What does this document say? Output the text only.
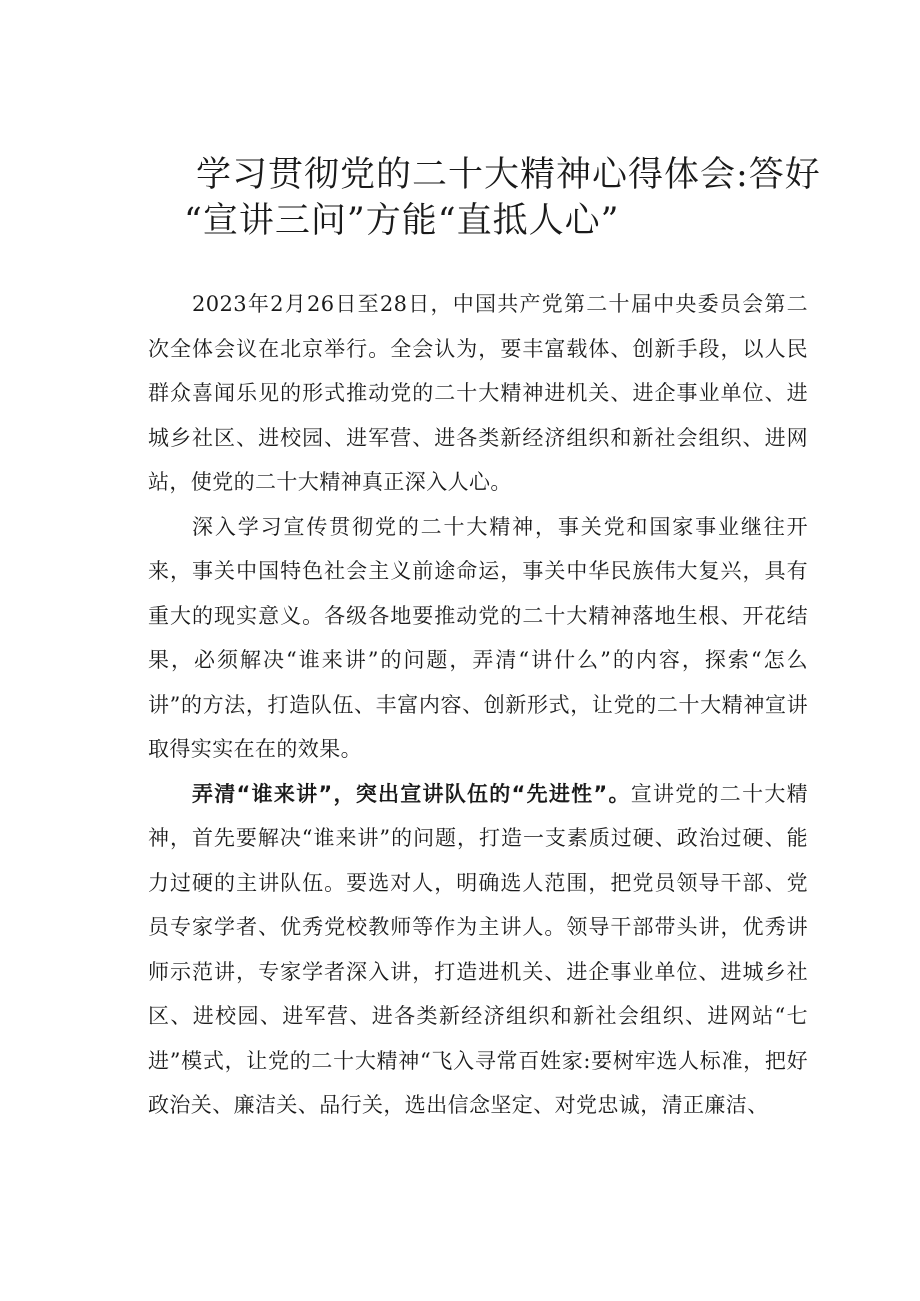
学习贯彻党的二十大精神心得体会:答好
“宣讲三问”方能“直抵人心”

2023年2月26日至28日，中国共产党第二十届中央委员会第二次全体会议在北京举行。全会认为，要丰富载体、创新手段，以人民群众喜闻乐见的形式推动党的二十大精神进机关、进企事业单位、进城乡社区、进校园、进军营、进各类新经济组织和新社会组织、进网站，使党的二十大精神真正深入人心。

深入学习宣传贯彻党的二十大精神，事关党和国家事业继往开来，事关中国特色社会主义前途命运，事关中华民族伟大复兴，具有重大的现实意义。各级各地要推动党的二十大精神落地生根、开花结果，必须解决“谁来讲”的问题，弄清“讲什么”的内容，探索“怎么讲”的方法，打造队伍、丰富内容、创新形式，让党的二十大精神宣讲取得实实在在的效果。

弄清“谁来讲”，突出宣讲队伍的“先进性”。宣讲党的二十大精神，首先要解决“谁来讲”的问题，打造一支素质过硬、政治过硬、能力过硬的主讲队伍。要选对人，明确选人范围，把党员领导干部、党员专家学者、优秀党校教师等作为主讲人。领导干部带头讲，优秀讲师示范讲，专家学者深入讲，打造进机关、进企事业单位、进城乡社区、进校园、进军营、进各类新经济组织和新社会组织、进网站“七进”模式，让党的二十大精神“飞入寻常百姓家:要树牢选人标准，把好政治关、廉洁关、品行关，选出信念坚定、对党忠诚，清正廉洁、
